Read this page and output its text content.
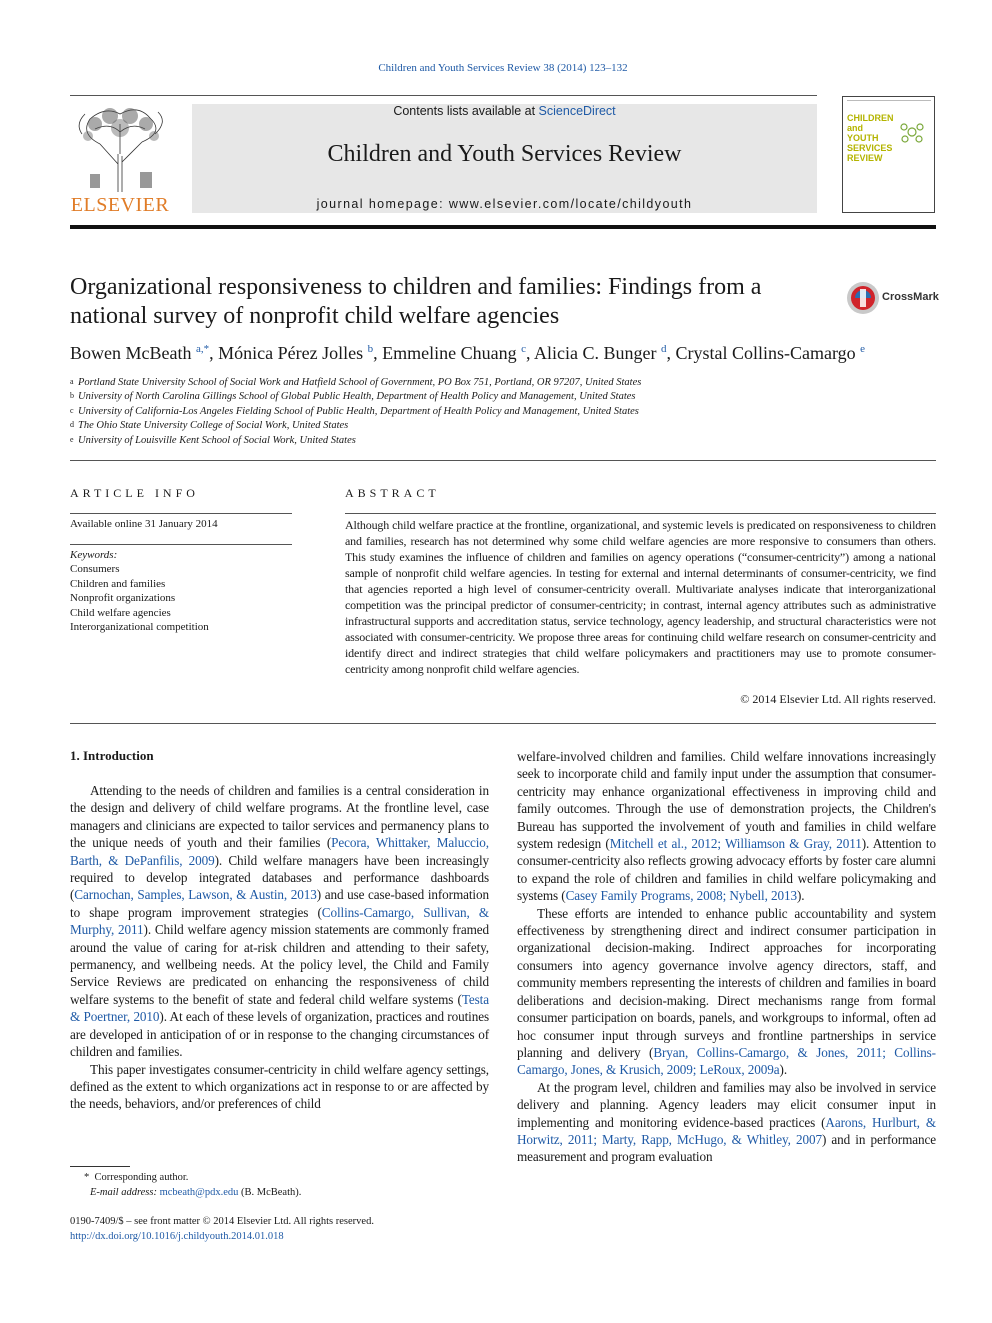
Children and Youth Services Review 38 (2014) 123–132
ELSEVIER
Contents lists available at ScienceDirect
Children and Youth Services Review
journal homepage: www.elsevier.com/locate/childyouth
CHILDREN
and
YOUTH
SERVICES
REVIEW
Organizational responsiveness to children and families: Findings from a national survey of nonprofit child welfare agencies
CrossMark
Bowen McBeath $^{a,*}$, Mónica Pérez Jolles $^b$, Emmeline Chuang $^c$, Alicia C. Bunger $^d$, Crystal Collins-Camargo $^e$
a Portland State University School of Social Work and Hatfield School of Government, PO Box 751, Portland, OR 97207, United States
b University of North Carolina Gillings School of Global Public Health, Department of Health Policy and Management, United States
c University of California-Los Angeles Fielding School of Public Health, Department of Health Policy and Management, United States
d The Ohio State University College of Social Work, United States
e University of Louisville Kent School of Social Work, United States
ARTICLE INFO
Available online 31 January 2014
Keywords:
Consumers
Children and families
Nonprofit organizations
Child welfare agencies
Interorganizational competition
ABSTRACT
Although child welfare practice at the frontline, organizational, and systemic levels is predicated on responsiveness to children and families, research has not determined why some child welfare agencies are more responsive to consumers than others. This study examines the influence of children and families on agency operations (“consumer-centricity”) among a national sample of nonprofit child welfare agencies. In testing for external and internal determinants of consumer-centricity, we find that agencies reported a high level of consumer-centricity overall. Multivariate analyses indicate that interorganizational competition was the principal predictor of consumer-centricity; in contrast, internal agency attributes such as administrative infrastructural supports and accreditation status, service technology, agency leadership, and structural characteristics were not associated with consumer-centricity. We propose three areas for continuing child welfare research on consumer-centricity and identify direct and indirect strategies that child welfare policymakers and practitioners may use to promote consumer-centricity among nonprofit child welfare agencies.
© 2014 Elsevier Ltd. All rights reserved.
1. Introduction

Attending to the needs of children and families is a central consideration in the design and delivery of child welfare programs. At the frontline level, case managers and clinicians are expected to tailor services and permanency plans to the unique needs of youth and their families (Pecora, Whittaker, Maluccio, Barth, & DePanfilis, 2009). Child welfare managers have been increasingly required to develop integrated databases and performance dashboards (Carnochan, Samples, Lawson, & Austin, 2013) and use case-based information to shape program improvement strategies (Collins-Camargo, Sullivan, & Murphy, 2011). Child welfare agency mission statements are commonly framed around the value of caring for at-risk children and attending to their safety, permanency, and wellbeing needs. At the policy level, the Child and Family Service Reviews are predicated on enhancing the responsiveness of child welfare systems to the benefit of state and federal child welfare systems (Testa & Poertner, 2010). At each of these levels of organization, practices and routines are developed in anticipation of or in response to the changing circumstances of children and families.

This paper investigates consumer-centricity in child welfare agency settings, defined as the extent to which organizations act in response to or are affected by the needs, behaviors, and/or preferences of child

welfare-involved children and families. Child welfare innovations increasingly seek to incorporate child and family input under the assumption that consumer-centricity may enhance organizational effectiveness in improving child and family outcomes. Through the use of demonstration projects, the Children's Bureau has supported the involvement of youth and families in child welfare system redesign (Mitchell et al., 2012; Williamson & Gray, 2011). Attention to consumer-centricity also reflects growing advocacy efforts by foster care alumni to expand the role of children and families in child welfare policymaking and systems (Casey Family Programs, 2008; Nybell, 2013).

These efforts are intended to enhance public accountability and system effectiveness by strengthening direct and indirect consumer participation in organizational decision-making. Indirect approaches for incorporating consumers into agency governance involve agency directors, staff, and community members representing the interests of children and families in board deliberations and decision-making. Direct mechanisms range from formal consumer participation on boards, panels, and workgroups to informal, often ad hoc consumer input through surveys and frontline partnerships in service planning and delivery (Bryan, Collins-Camargo, & Jones, 2011; Collins-Camargo, Jones, & Krusich, 2009; LeRoux, 2009a).

At the program level, children and families may also be involved in service delivery and planning. Agency leaders may elicit consumer input in implementing and monitoring evidence-based practices (Aarons, Hurlburt, & Horwitz, 2011; Marty, Rapp, McHugo, & Whitley, 2007) and in performance measurement and program evaluation

*  Corresponding author.
E-mail address: mcbeath@pdx.edu (B. McBeath).
0190-7409/$ – see front matter © 2014 Elsevier Ltd. All rights reserved.
http://dx.doi.org/10.1016/j.childyouth.2014.01.018
